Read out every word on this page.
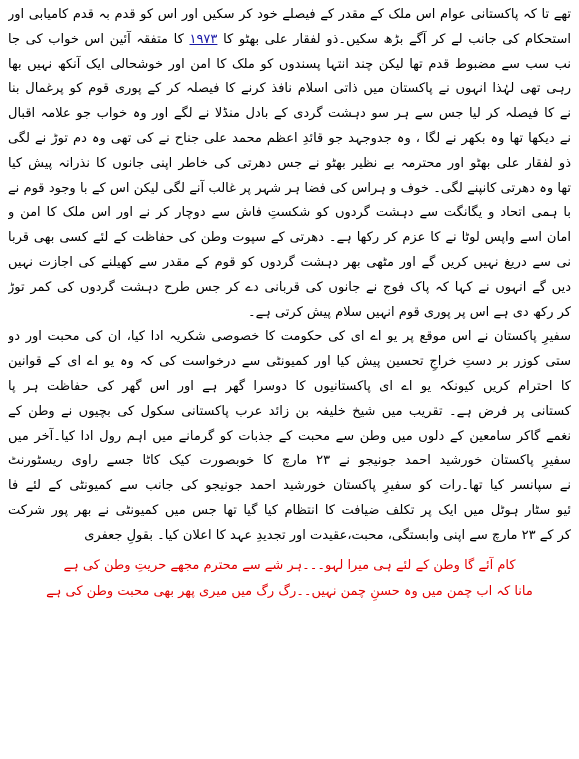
تھے تا کہ پاکستانی عوام اس ملک کے مقدر کے فیصلے خود کر سکیں اور اس کو قدم بہ قدم کامیابی اور
استحکام کی جانب لے کر آگے بڑھ سکیں۔ذو لفقار علی بھٹو کا ۱۹۷۳ کا متفقہ آئین اس خواب کی جا
نب سب سے مضبوط قدم تھا لیکن چند انتہا پسندوں کو ملک کا امن اور خوشحالی ایک آنکھ نہیں بھا
رہی تھی لہٰذا انہوں نے پاکستان میں ذاتی اسلام نافذ کرنے کا فیصلہ کر کے پوری قوم کو پرغمال بنا
نے کا فیصلہ کر لیا جس سے ہر سو دہشت گردی کے بادل منڈلا نے لگے اور وہ خواب جو علامہ اقبال
نے دیکھا تھا وہ بکھر نے لگا ، وہ جدوجہد جو قائدِ اعظم محمد علی جناح نے کی تھی وہ دم توڑ نے لگی
ذو لفقار علی بھٹو اور محترمہ بے نظیر بھٹو نے جس دھرتی کی خاطر اپنی جانوں کا نذرانہ پیش کیا
تھا وہ دھرتی کانپنے لگی۔ خوف و ہراس کی فضا ہر شہر پر غالب آنے لگی لیکن اس کے با وجود قوم نے
با ہمی اتحاد و یگانگت سے دہشت گردوں کو شکستِ فاش سے دوچار کر نے اور اس ملک کا امن و
امان اسے واپس لوٹا نے کا عزم کر رکھا ہے۔ دھرتی کے سپوت وطن کی حفاظت کے لئے کسی بھی قربا
نی سے دریغ نہیں کریں گے اور مٹھی بھر دہشت گردوں کو قوم کے مقدر سے کھیلنے کی اجازت نہیں
دیں گے انہوں نے کہا کہ پاک فوج نے جانوں کی قربانی دے کر جس طرح دہشت گردوں کی کمر توڑ
کر رکھ دی ہے اس پر پوری قوم انہیں سلام پیش کرتی ہے۔
سفیرِ پاکستان نے اس موقع پر یو اے ای کی حکومت کا خصوصی شکریہ ادا کیا، ان کی محبت اور دو
ستی کوزر بر دستِ خراجِ تحسین پیش کیا اور کمیونٹی سے درخواست کی کہ وہ یو اے ای کے قوانین
کا احترام کریں کیونکہ یو اے ای پاکستانیوں کا دوسرا گھر ہے اور اس گھر کی حفاظت ہر پا
کستانی پر فرض ہے۔ تقریب میں شیخ خلیفہ بن زائد عرب پاکستانی سکول کی بچیوں نے وطن کے
نغمے گاکر سامعین کے دلوں میں وطن سے محبت کے جذبات کو گرمانے میں اہم رول ادا کیا۔آخر میں
سفیرِ پاکستان خورشید احمد جونیجو نے ۲۳ مارچ کا خوبصورت کیک کاٹا جسے راوی ریسٹورنٹ
نے سپانسر کیا تھا۔رات کو سفیرِ پاکستان خورشید احمد جونیجو کی جانب سے کمیونٹی کے لئے فا
ئیو سٹار ہوٹل میں ایک پر تکلف ضیافت کا انتظام کیا گیا تھا جس میں کمیونٹی نے بھر پور شرکت
کر کے ۲۳ مارچ سے اپنی وابستگی، محبت،عقیدت اور تجدیدِ عہد کا اعلان کیا۔ بقولِ جعفری
کام آئے گا وطن کے لئے ہی میرا لہو۔۔۔ہر شے سے محترم مجھے حریتِ وطن کی ہے
مانا کہ اب چمن میں وہ حسنِ چمن نہیں۔۔رگ رگ میں میری پھر بھی محبت وطن کی ہے
